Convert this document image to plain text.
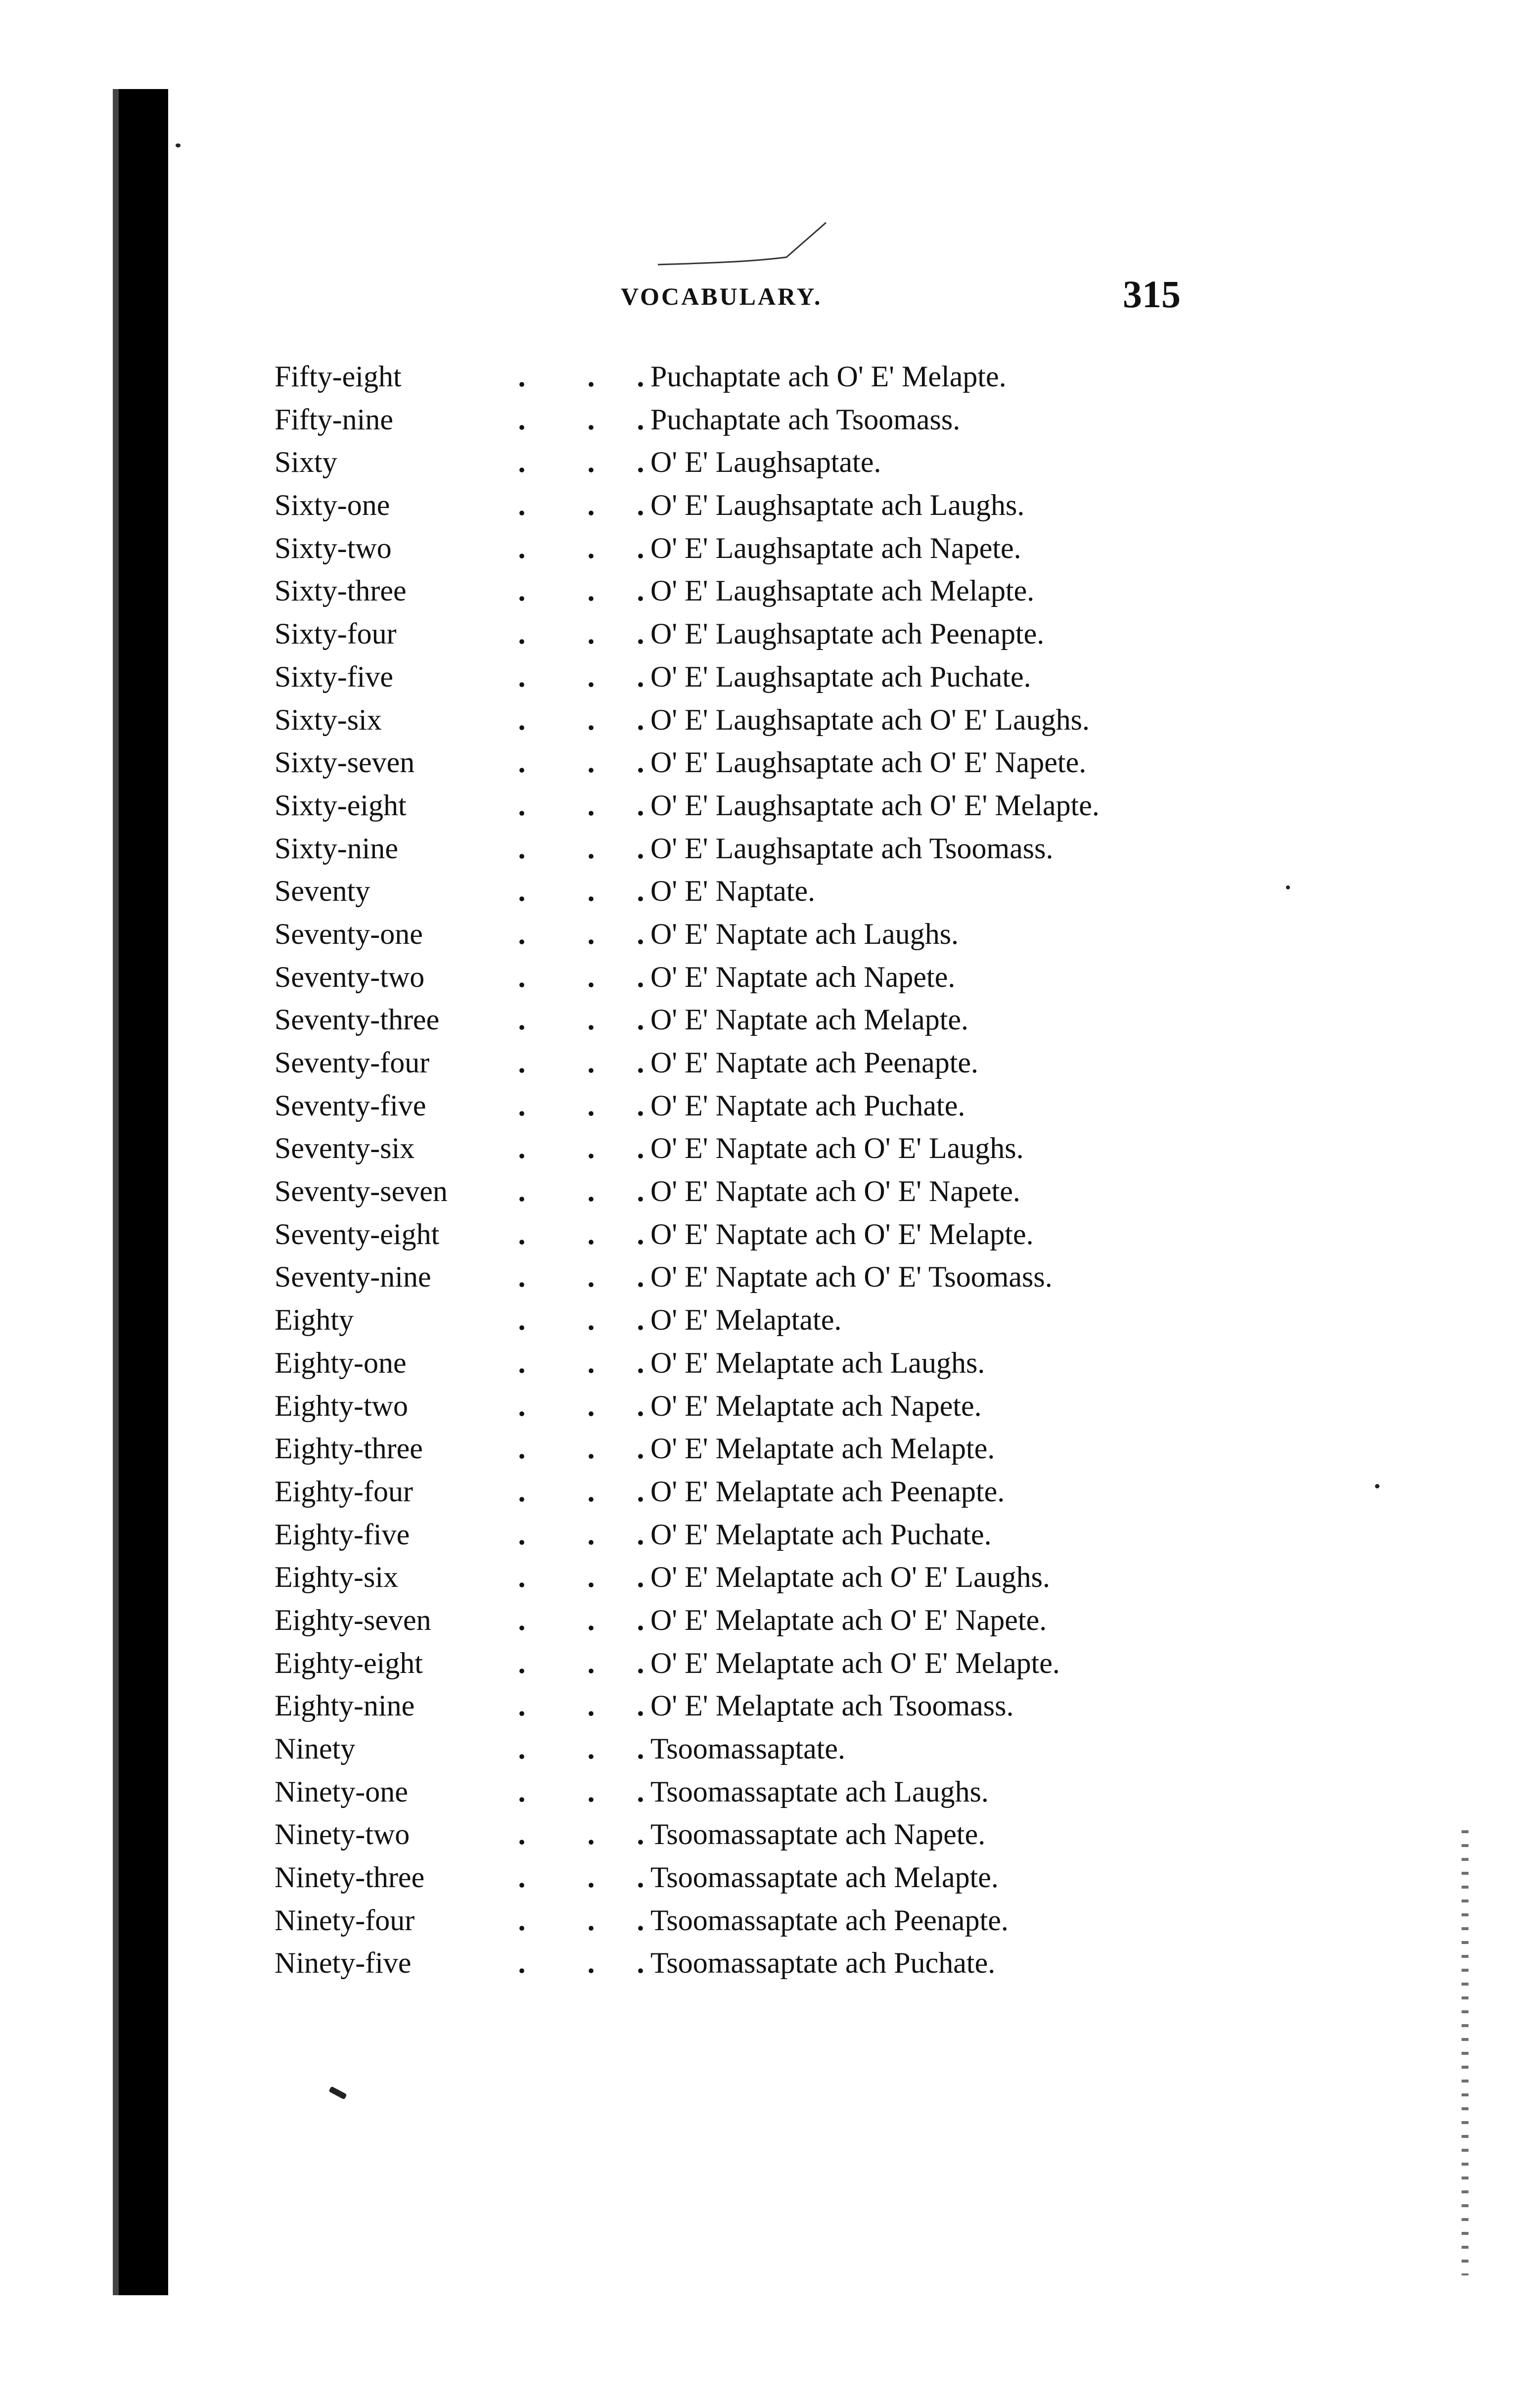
VOCABULARY.	315
Fifty-eight	. . . Puchaptate ach O' E' Melapte.
Fifty-nine	. . . Puchaptate ach Tsoomass.
Sixty	. . . O' E' Laughsaptate.
Sixty-one	. . . O' E' Laughsaptate ach Laughs.
Sixty-two	. . . O' E' Laughsaptate ach Napete.
Sixty-three	. . . O' E' Laughsaptate ach Melapte.
Sixty-four	. . . O' E' Laughsaptate ach Peenapte.
Sixty-five	. . . O' E' Laughsaptate ach Puchate.
Sixty-six	. . . O' E' Laughsaptate ach O' E' Laughs.
Sixty-seven	. . . O' E' Laughsaptate ach O' E' Napete.
Sixty-eight	. . . O' E' Laughsaptate ach O' E' Melapte.
Sixty-nine	. . . O' E' Laughsaptate ach Tsoomass.
Seventy	. . . O' E' Naptate.
Seventy-one	. . . O' E' Naptate ach Laughs.
Seventy-two	. . . O' E' Naptate ach Napete.
Seventy-three	. . . O' E' Naptate ach Melapte.
Seventy-four	. . . O' E' Naptate ach Peenapte.
Seventy-five	. . . O' E' Naptate ach Puchate.
Seventy-six	. . . O' E' Naptate ach O' E' Laughs.
Seventy-seven	. . . O' E' Naptate ach O' E' Napete.
Seventy-eight	. . . O' E' Naptate ach O' E' Melapte.
Seventy-nine	. . . O' E' Naptate ach O' E' Tsoomass.
Eighty	. . . O' E' Melaptate.
Eighty-one	. . . O' E' Melaptate ach Laughs.
Eighty-two	. . . O' E' Melaptate ach Napete.
Eighty-three	. . . O' E' Melaptate ach Melapte.
Eighty-four	. . . O' E' Melaptate ach Peenapte.
Eighty-five	. . . O' E' Melaptate ach Puchate.
Eighty-six	. . . O' E' Melaptate ach O' E' Laughs.
Eighty-seven	. . . O' E' Melaptate ach O' E' Napete.
Eighty-eight	. . . O' E' Melaptate ach O' E' Melapte.
Eighty-nine	. . . O' E' Melaptate ach Tsoomass.
Ninety	. . . Tsoomassaptate.
Ninety-one	. . . Tsoomassaptate ach Laughs.
Ninety-two	. . . Tsoomassaptate ach Napete.
Ninety-three	. . . Tsoomassaptate ach Melapte.
Ninety-four	. . . Tsoomassaptate ach Peenapte.
Ninety-five	. . . Tsoomassaptate ach Puchate.
